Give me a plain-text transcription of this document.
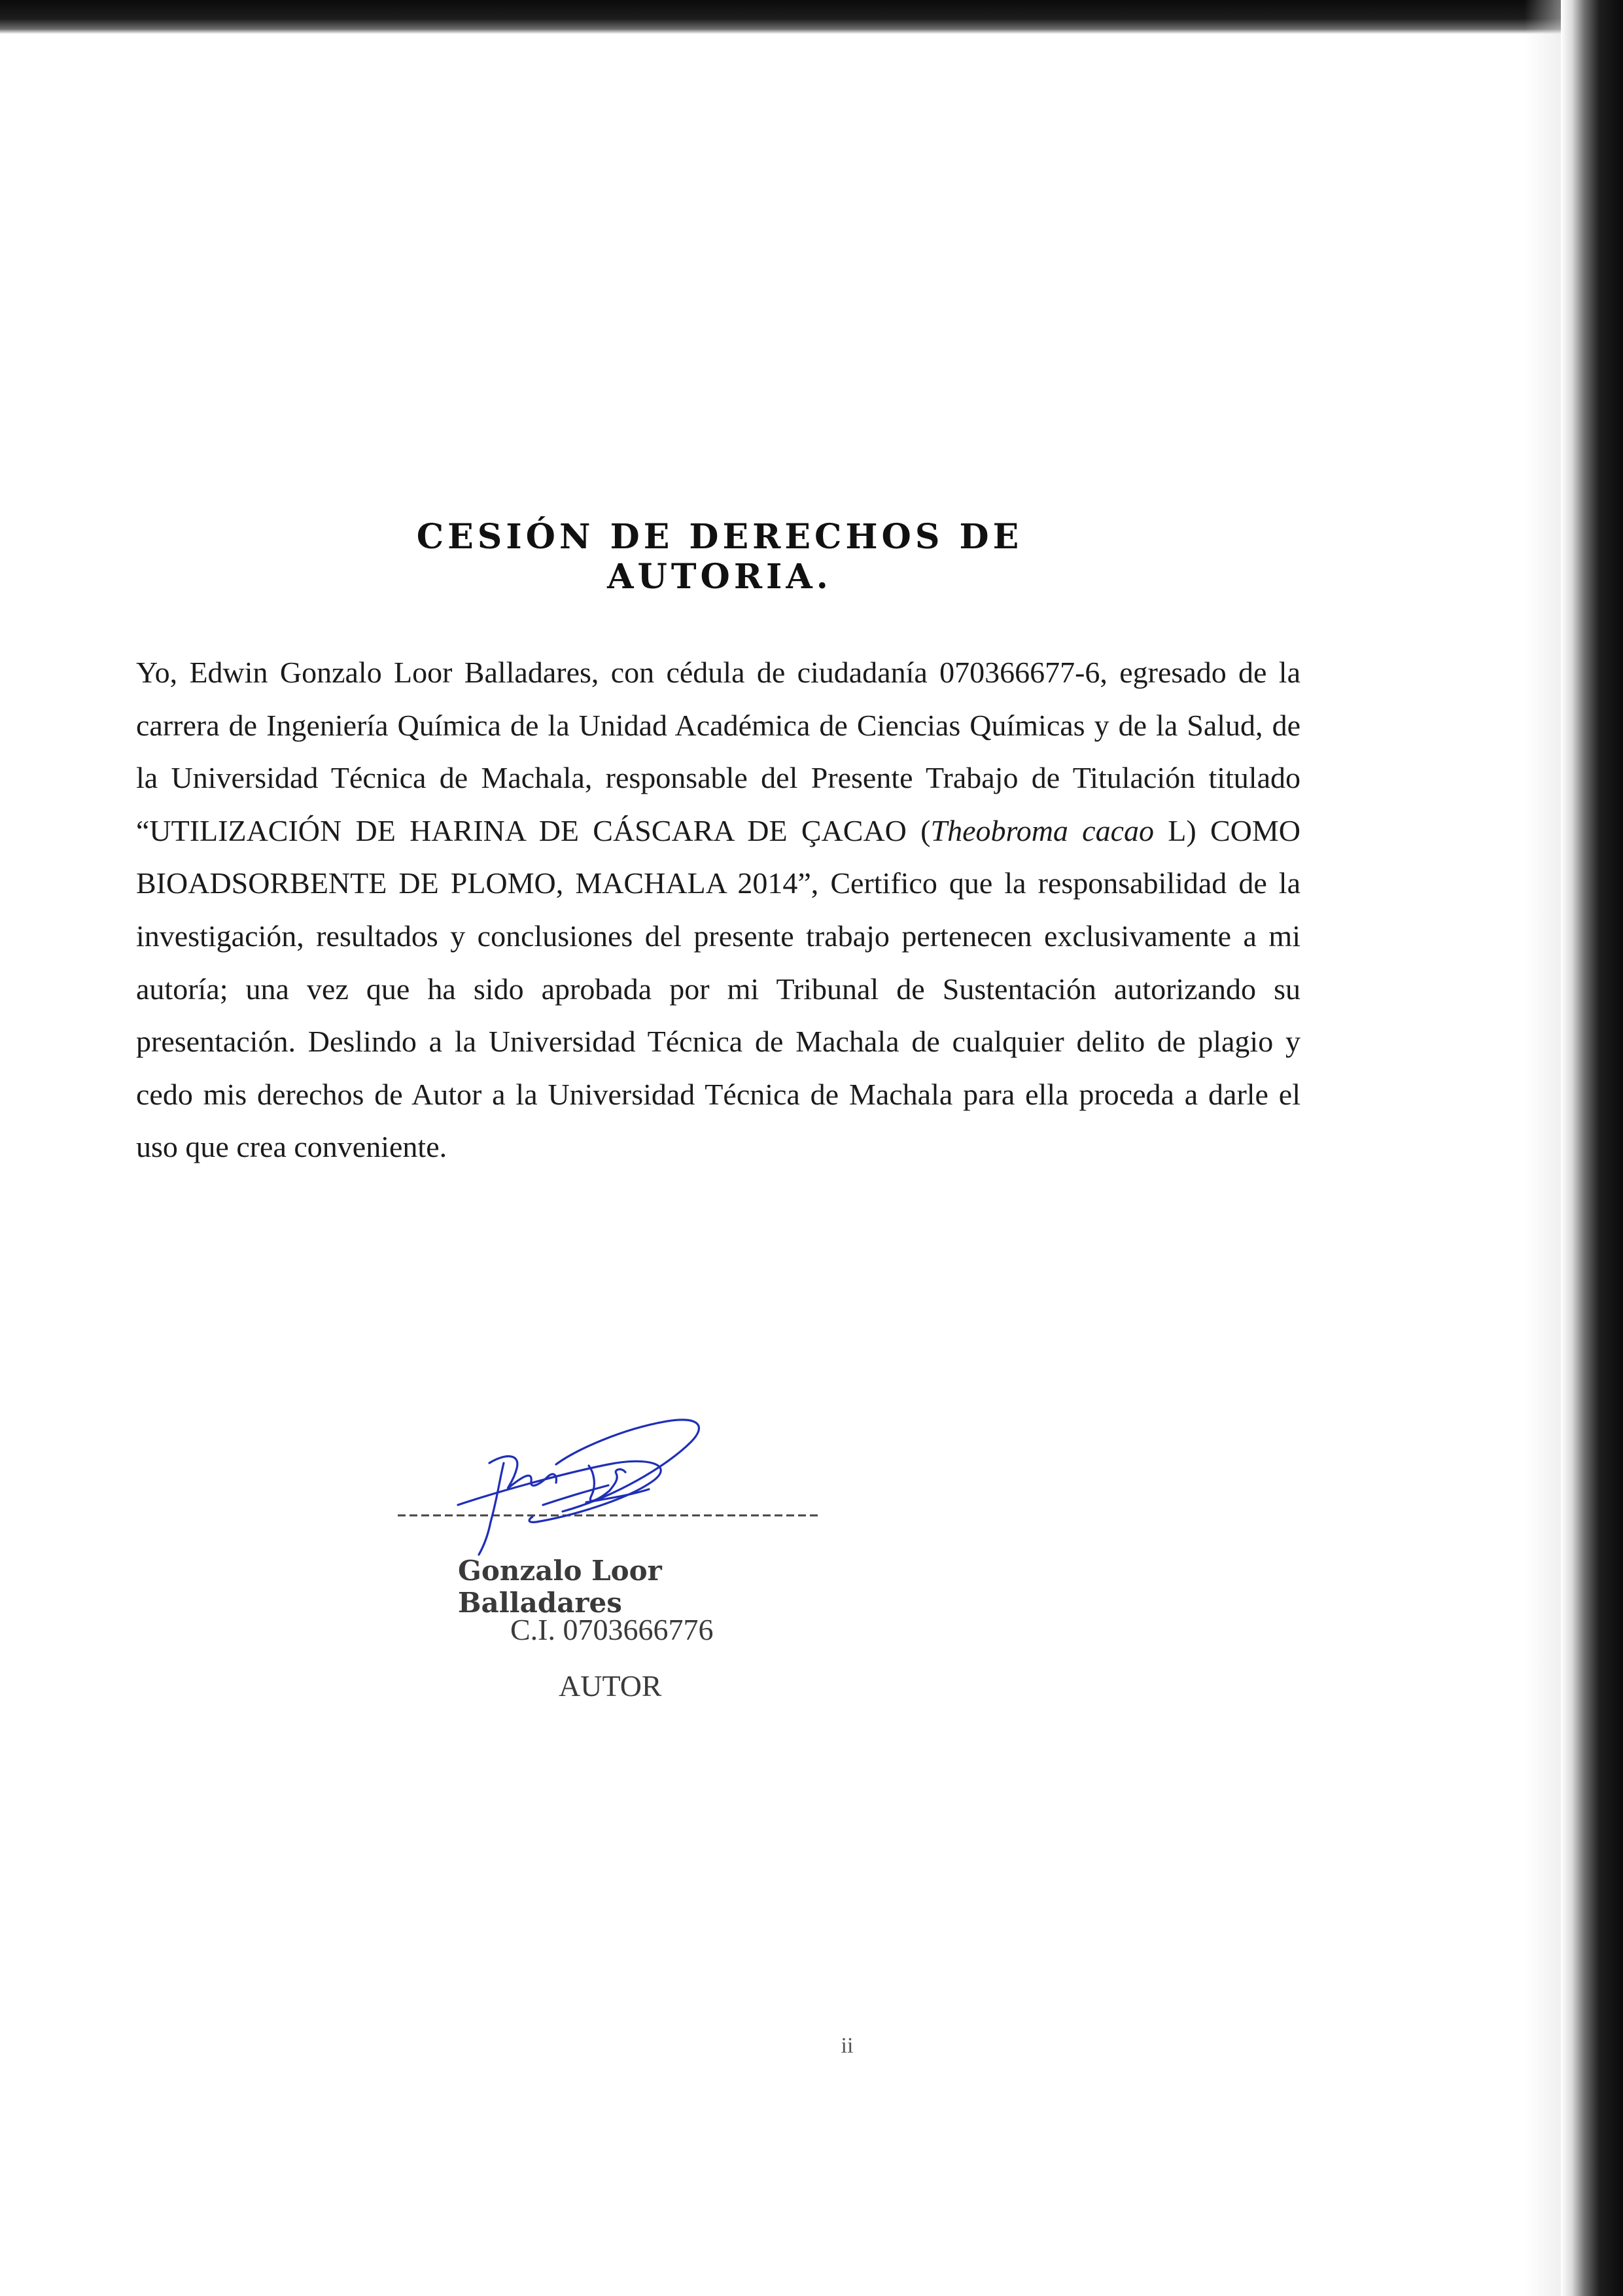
CESIÓN DE DERECHOS DE AUTORIA.

Yo, Edwin Gonzalo Loor Balladares, con cédula de ciudadanía 070366677-6, egresado de la carrera de Ingeniería Química de la Unidad Académica de Ciencias Químicas y de la Salud, de la Universidad Técnica de Machala, responsable del Presente Trabajo de Titulación titulado “UTILIZACIÓN DE HARINA DE CÁSCARA DE ÇACAO (Theobroma cacao L) COMO BIOADSORBENTE DE PLOMO, MACHALA 2014”, Certifico que la responsabilidad de la investigación, resultados y conclusiones del presente trabajo pertenecen exclusivamente a mi autoría; una vez que ha sido aprobada por mi Tribunal de Sustentación autorizando su presentación. Deslindo a la Universidad Técnica de Machala de cualquier delito de plagio y cedo mis derechos de Autor a la Universidad Técnica de Machala para ella proceda a darle el uso que crea conveniente.

Gonzalo Loor Balladares
C.I. 0703666776
AUTOR
ii
